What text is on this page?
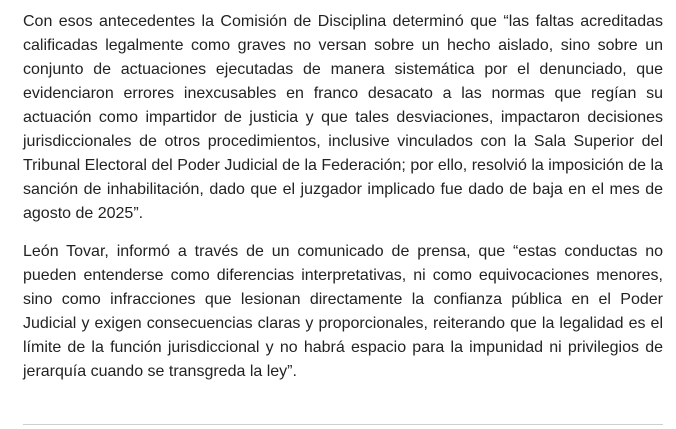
Con esos antecedentes la Comisión de Disciplina determinó que “las faltas acreditadas calificadas legalmente como graves no versan sobre un hecho aislado, sino sobre un conjunto de actuaciones ejecutadas de manera sistemática por el denunciado, que evidenciaron errores inexcusables en franco desacato a las normas que regían su actuación como impartidor de justicia y que tales desviaciones, impactaron decisiones jurisdiccionales de otros procedimientos, inclusive vinculados con la Sala Superior del Tribunal Electoral del Poder Judicial de la Federación; por ello, resolvió la imposición de la sanción de inhabilitación, dado que el juzgador implicado fue dado de baja en el mes de agosto de 2025”.

León Tovar, informó a través de un comunicado de prensa, que “estas conductas no pueden entenderse como diferencias interpretativas, ni como equivocaciones menores, sino como infracciones que lesionan directamente la confianza pública en el Poder Judicial y exigen consecuencias claras y proporcionales, reiterando que la legalidad es el límite de la función jurisdiccional y no habrá espacio para la impunidad ni privilegios de jerarquía cuando se transgreda la ley”.
